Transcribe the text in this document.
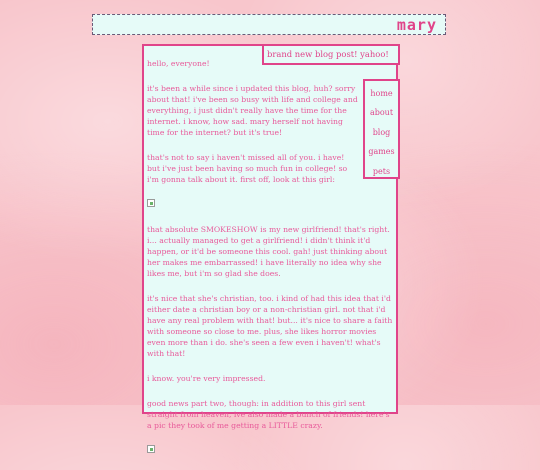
mary

hello, everyone!

it's been a while since i updated this blog, huh? sorry about that! i've been so busy with life and college and everything, i just didn't really have the time for the internet. i know, how sad. mary herself not having time for the internet? but it's true!

that's not to say i haven't missed all of you. i have! but i've just been having so much fun in college! so i'm gonna talk about it. first off, look at this girl:

that absolute SMOKESHOW is my new girlfriend! that's right. i... actually managed to get a girlfriend! i didn't think it'd happen, or it'd be someone this cool. gah! just thinking about her makes me embarrassed! i have literally no idea why she likes me, but i'm so glad she does.

it's nice that she's christian, too. i kind of had this idea that i'd either date a christian boy or a non-christian girl. not that i'd have any real problem with that! but... it's nice to share a faith with someone so close to me. plus, she likes horror movies even more than i do. she's seen a few even i haven't! what's with that!

i know. you're very impressed.

good news part two, though: in addition to this girl sent straight from heaven, ive also made a bunch of friends! here's a pic they took of me getting a LITTLE crazy.

brand new blog post! yahoo!
home
about
blog
games
pets
